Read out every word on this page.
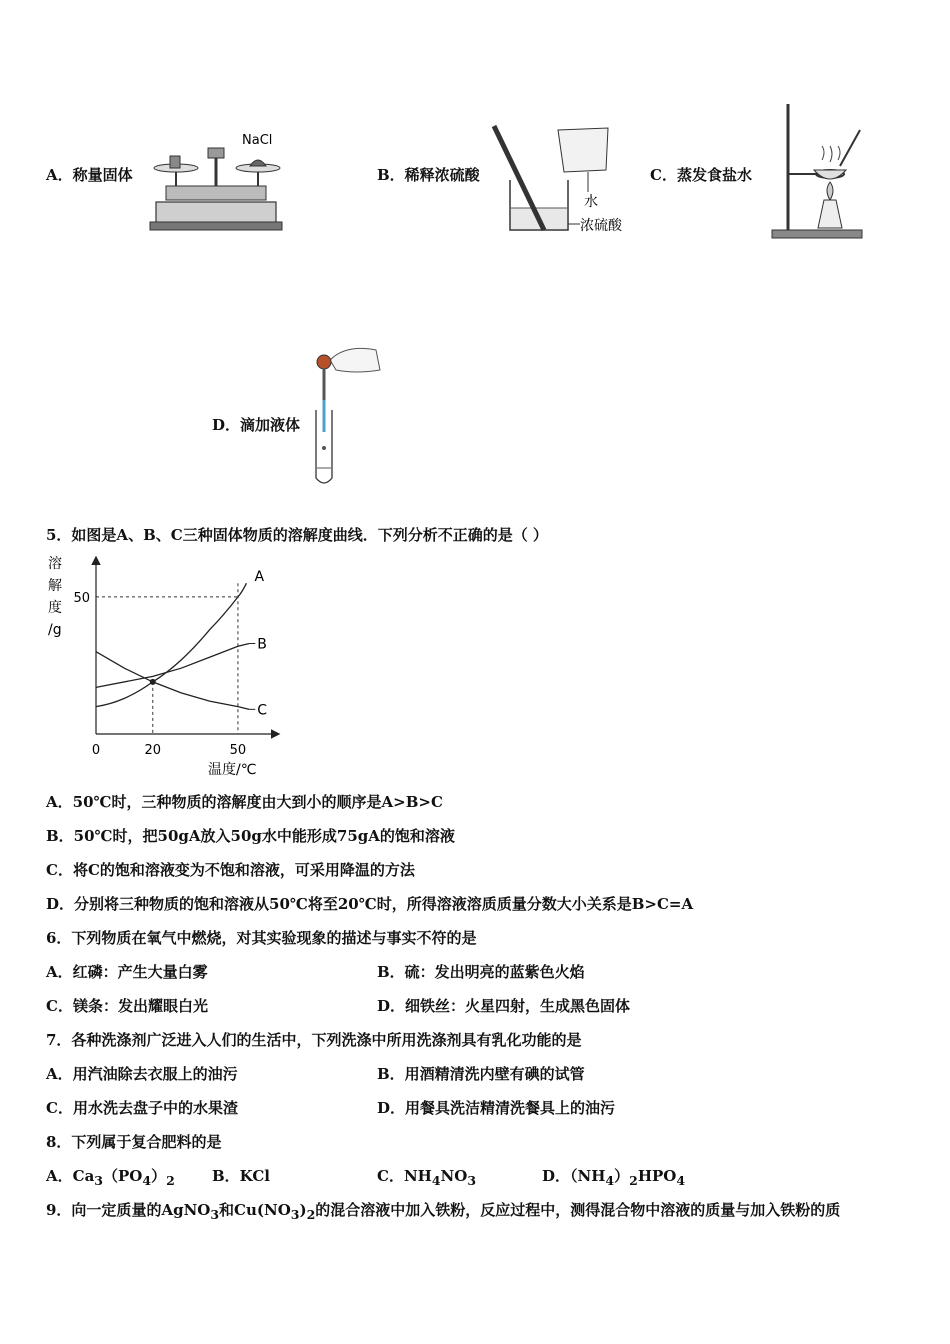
A．称量固体
NaCl
B．稀释浓硫酸
水
浓硫酸
C．蒸发食盐水
D．滴加液体
5．如图是A、B、C三种固体物质的溶解度曲线．下列分析不正确的是（ ）
溶
解
度
/g
温度/℃
0	20	50
50
A
B
C
A．50℃时，三种物质的溶解度由大到小的顺序是A>B>C
B．50℃时，把50gA放入50g水中能形成75gA的饱和溶液
C．将C的饱和溶液变为不饱和溶液，可采用降温的方法
D．分别将三种物质的饱和溶液从50℃将至20℃时，所得溶液溶质质量分数大小关系是B>C=A
6．下列物质在氧气中燃烧，对其实验现象的描述与事实不符的是
A．红磷：产生大量白雾	B．硫：发出明亮的蓝紫色火焰
C．镁条：发出耀眼白光	D．细铁丝：火星四射，生成黑色固体
7．各种洗涤剂广泛进入人们的生活中，下列洗涤中所用洗涤剂具有乳化功能的是
A．用汽油除去衣服上的油污	B．用酒精清洗内壁有碘的试管
C．用水洗去盘子中的水果渣	D．用餐具洗洁精清洗餐具上的油污
8．下列属于复合肥料的是
A．$Ca_3(PO_4)_2$ B．KCl	C．$NH_4NO_3$	D．$(NH_4)_2HPO_4$
9．向一定质量的AgNO$_3$和$Cu(NO_3)_2$的混合溶液中加入铁粉，反应过程中，测得混合物中溶液的质量与加入铁粉的质
